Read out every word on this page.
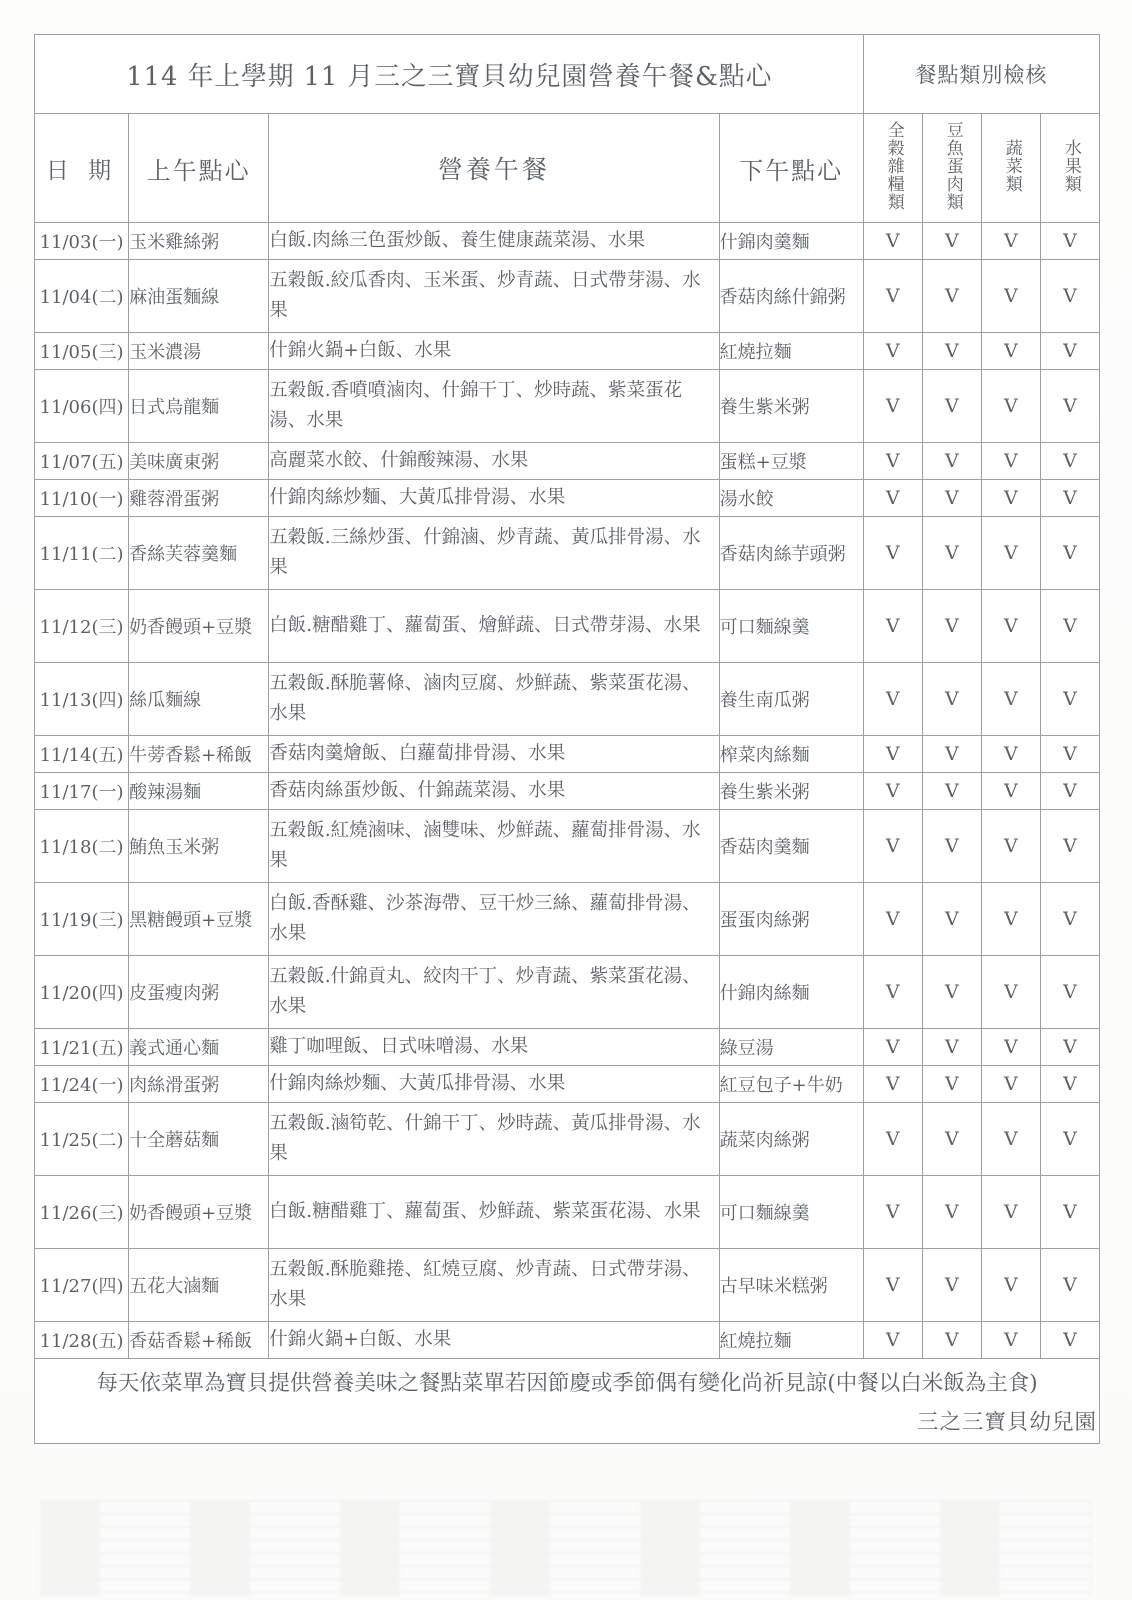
114 年上學期 11 月三之三寶貝幼兒園營養午餐&點心				餐點類別檢核			
日 期	上午點心	營養午餐	下午點心	全穀雜糧類	豆魚蛋肉類	蔬菜類	水果類
11/03(一)	玉米雞絲粥	白飯.肉絲三色蛋炒飯、養生健康蔬菜湯、水果	什錦肉羹麵	V	V	V	V
11/04(二)	麻油蛋麵線	五穀飯.絞瓜香肉、玉米蛋、炒青蔬、日式帶芽湯、水果	香菇肉絲什錦粥	V	V	V	V
11/05(三)	玉米濃湯	什錦火鍋+白飯、水果	紅燒拉麵	V	V	V	V
11/06(四)	日式烏龍麵	五穀飯.香噴噴滷肉、什錦干丁、炒時蔬、紫菜蛋花湯、水果	養生紫米粥	V	V	V	V
11/07(五)	美味廣東粥	高麗菜水餃、什錦酸辣湯、水果	蛋糕+豆漿	V	V	V	V
11/10(一)	雞蓉滑蛋粥	什錦肉絲炒麵、大黃瓜排骨湯、水果	湯水餃	V	V	V	V
11/11(二)	香絲芙蓉羹麵	五穀飯.三絲炒蛋、什錦滷、炒青蔬、黃瓜排骨湯、水果	香菇肉絲芋頭粥	V	V	V	V
11/12(三)	奶香饅頭+豆漿	白飯.糖醋雞丁、蘿蔔蛋、燴鮮蔬、日式帶芽湯、水果	可口麵線羹	V	V	V	V
11/13(四)	絲瓜麵線	五穀飯.酥脆薯條、滷肉豆腐、炒鮮蔬、紫菜蛋花湯、水果	養生南瓜粥	V	V	V	V
11/14(五)	牛蒡香鬆+稀飯	香菇肉羹燴飯、白蘿蔔排骨湯、水果	榨菜肉絲麵	V	V	V	V
11/17(一)	酸辣湯麵	香菇肉絲蛋炒飯、什錦蔬菜湯、水果	養生紫米粥	V	V	V	V
11/18(二)	鮪魚玉米粥	五穀飯.紅燒滷味、滷雙味、炒鮮蔬、蘿蔔排骨湯、水果	香菇肉羹麵	V	V	V	V
11/19(三)	黑糖饅頭+豆漿	白飯.香酥雞、沙茶海帶、豆干炒三絲、蘿蔔排骨湯、水果	蛋蛋肉絲粥	V	V	V	V
11/20(四)	皮蛋瘦肉粥	五穀飯.什錦貢丸、絞肉干丁、炒青蔬、紫菜蛋花湯、水果	什錦肉絲麵	V	V	V	V
11/21(五)	義式通心麵	雞丁咖哩飯、日式味噌湯、水果	綠豆湯	V	V	V	V
11/24(一)	肉絲滑蛋粥	什錦肉絲炒麵、大黃瓜排骨湯、水果	紅豆包子+牛奶	V	V	V	V
11/25(二)	十全蘑菇麵	五穀飯.滷筍乾、什錦干丁、炒時蔬、黃瓜排骨湯、水果	蔬菜肉絲粥	V	V	V	V
11/26(三)	奶香饅頭+豆漿	白飯.糖醋雞丁、蘿蔔蛋、炒鮮蔬、紫菜蛋花湯、水果	可口麵線羹	V	V	V	V
11/27(四)	五花大滷麵	五穀飯.酥脆雞捲、紅燒豆腐、炒青蔬、日式帶芽湯、水果	古早味米糕粥	V	V	V	V
11/28(五)	香菇香鬆+稀飯	什錦火鍋+白飯、水果	紅燒拉麵	V	V	V	V

每天依菜單為寶貝提供營養美味之餐點菜單若因節慶或季節偶有變化尚祈見諒(中餐以白米飯為主食)
三之三寶貝幼兒園							
